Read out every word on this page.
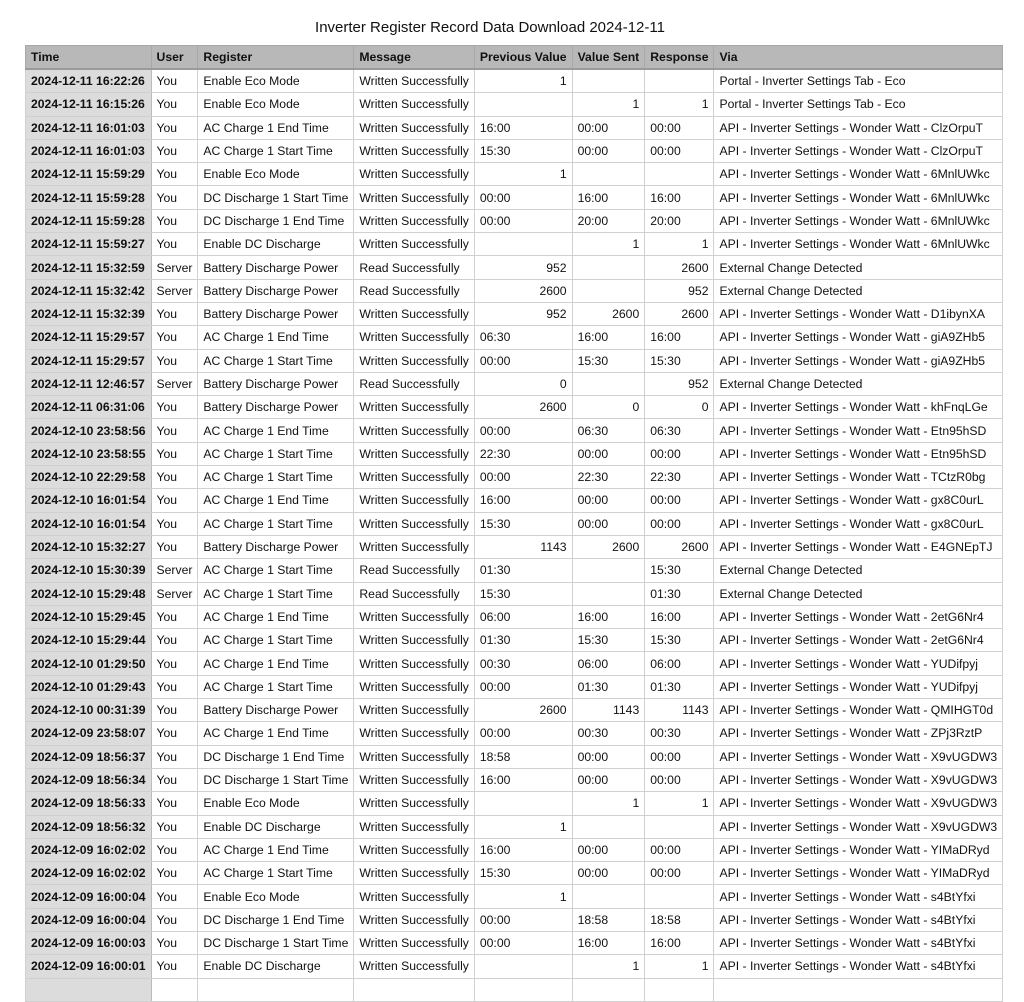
Inverter Register Record Data Download 2024-12-11
Time	User	Register	Message	Previous Value	Value Sent	Response	Via
2024-12-11 16:22:26	You	Enable Eco Mode	Written Successfully	1			Portal - Inverter Settings Tab - Eco
2024-12-11 16:15:26	You	Enable Eco Mode	Written Successfully		1	1	Portal - Inverter Settings Tab - Eco
2024-12-11 16:01:03	You	AC Charge 1 End Time	Written Successfully	16:00	00:00	00:00	API - Inverter Settings - Wonder Watt - ClzOrpuT
2024-12-11 16:01:03	You	AC Charge 1 Start Time	Written Successfully	15:30	00:00	00:00	API - Inverter Settings - Wonder Watt - ClzOrpuT
2024-12-11 15:59:29	You	Enable Eco Mode	Written Successfully	1			API - Inverter Settings - Wonder Watt - 6MnlUWkc
2024-12-11 15:59:28	You	DC Discharge 1 Start Time	Written Successfully	00:00	16:00	16:00	API - Inverter Settings - Wonder Watt - 6MnlUWkc
2024-12-11 15:59:28	You	DC Discharge 1 End Time	Written Successfully	00:00	20:00	20:00	API - Inverter Settings - Wonder Watt - 6MnlUWkc
2024-12-11 15:59:27	You	Enable DC Discharge	Written Successfully		1	1	API - Inverter Settings - Wonder Watt - 6MnlUWkc
2024-12-11 15:32:59	Server	Battery Discharge Power	Read Successfully	952		2600	External Change Detected
2024-12-11 15:32:42	Server	Battery Discharge Power	Read Successfully	2600		952	External Change Detected
2024-12-11 15:32:39	You	Battery Discharge Power	Written Successfully	952	2600	2600	API - Inverter Settings - Wonder Watt - D1ibynXA
2024-12-11 15:29:57	You	AC Charge 1 End Time	Written Successfully	06:30	16:00	16:00	API - Inverter Settings - Wonder Watt - giA9ZHb5
2024-12-11 15:29:57	You	AC Charge 1 Start Time	Written Successfully	00:00	15:30	15:30	API - Inverter Settings - Wonder Watt - giA9ZHb5
2024-12-11 12:46:57	Server	Battery Discharge Power	Read Successfully	0		952	External Change Detected
2024-12-11 06:31:06	You	Battery Discharge Power	Written Successfully	2600	0	0	API - Inverter Settings - Wonder Watt - khFnqLGe
2024-12-10 23:58:56	You	AC Charge 1 End Time	Written Successfully	00:00	06:30	06:30	API - Inverter Settings - Wonder Watt - Etn95hSD
2024-12-10 23:58:55	You	AC Charge 1 Start Time	Written Successfully	22:30	00:00	00:00	API - Inverter Settings - Wonder Watt - Etn95hSD
2024-12-10 22:29:58	You	AC Charge 1 Start Time	Written Successfully	00:00	22:30	22:30	API - Inverter Settings - Wonder Watt - TCtzR0bg
2024-12-10 16:01:54	You	AC Charge 1 End Time	Written Successfully	16:00	00:00	00:00	API - Inverter Settings - Wonder Watt - gx8C0urL
2024-12-10 16:01:54	You	AC Charge 1 Start Time	Written Successfully	15:30	00:00	00:00	API - Inverter Settings - Wonder Watt - gx8C0urL
2024-12-10 15:32:27	You	Battery Discharge Power	Written Successfully	1143	2600	2600	API - Inverter Settings - Wonder Watt - E4GNEpTJ
2024-12-10 15:30:39	Server	AC Charge 1 Start Time	Read Successfully	01:30		15:30	External Change Detected
2024-12-10 15:29:48	Server	AC Charge 1 Start Time	Read Successfully	15:30		01:30	External Change Detected
2024-12-10 15:29:45	You	AC Charge 1 End Time	Written Successfully	06:00	16:00	16:00	API - Inverter Settings - Wonder Watt - 2etG6Nr4
2024-12-10 15:29:44	You	AC Charge 1 Start Time	Written Successfully	01:30	15:30	15:30	API - Inverter Settings - Wonder Watt - 2etG6Nr4
2024-12-10 01:29:50	You	AC Charge 1 End Time	Written Successfully	00:30	06:00	06:00	API - Inverter Settings - Wonder Watt - YUDifpyj
2024-12-10 01:29:43	You	AC Charge 1 Start Time	Written Successfully	00:00	01:30	01:30	API - Inverter Settings - Wonder Watt - YUDifpyj
2024-12-10 00:31:39	You	Battery Discharge Power	Written Successfully	2600	1143	1143	API - Inverter Settings - Wonder Watt - QMIHGT0d
2024-12-09 23:58:07	You	AC Charge 1 End Time	Written Successfully	00:00	00:30	00:30	API - Inverter Settings - Wonder Watt - ZPj3RztP
2024-12-09 18:56:37	You	DC Discharge 1 End Time	Written Successfully	18:58	00:00	00:00	API - Inverter Settings - Wonder Watt - X9vUGDW3
2024-12-09 18:56:34	You	DC Discharge 1 Start Time	Written Successfully	16:00	00:00	00:00	API - Inverter Settings - Wonder Watt - X9vUGDW3
2024-12-09 18:56:33	You	Enable Eco Mode	Written Successfully		1	1	API - Inverter Settings - Wonder Watt - X9vUGDW3
2024-12-09 18:56:32	You	Enable DC Discharge	Written Successfully	1			API - Inverter Settings - Wonder Watt - X9vUGDW3
2024-12-09 16:02:02	You	AC Charge 1 End Time	Written Successfully	16:00	00:00	00:00	API - Inverter Settings - Wonder Watt - YIMaDRyd
2024-12-09 16:02:02	You	AC Charge 1 Start Time	Written Successfully	15:30	00:00	00:00	API - Inverter Settings - Wonder Watt - YIMaDRyd
2024-12-09 16:00:04	You	Enable Eco Mode	Written Successfully	1			API - Inverter Settings - Wonder Watt - s4BtYfxi
2024-12-09 16:00:04	You	DC Discharge 1 End Time	Written Successfully	00:00	18:58	18:58	API - Inverter Settings - Wonder Watt - s4BtYfxi
2024-12-09 16:00:03	You	DC Discharge 1 Start Time	Written Successfully	00:00	16:00	16:00	API - Inverter Settings - Wonder Watt - s4BtYfxi
2024-12-09 16:00:01	You	Enable DC Discharge	Written Successfully		1	1	API - Inverter Settings - Wonder Watt - s4BtYfxi
